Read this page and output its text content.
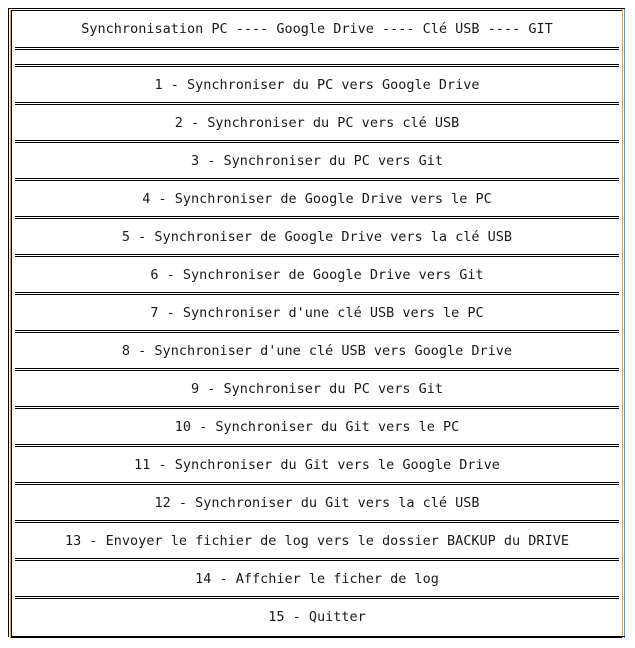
Synchronisation PC ---- Google Drive ---- Clé USB ---- GIT
1 - Synchroniser du PC vers Google Drive
2 - Synchroniser du PC vers clé USB
3 - Synchroniser du PC vers Git
4 - Synchroniser de Google Drive vers le PC
5 - Synchroniser de Google Drive vers la clé USB
6 - Synchroniser de Google Drive vers Git
7 - Synchroniser d'une clé USB vers le PC
8 - Synchroniser d'une clé USB vers Google Drive
9 - Synchroniser du PC vers Git
10 - Synchroniser du Git vers le PC
11 - Synchroniser du Git vers le Google Drive
12 - Synchroniser du Git vers la clé USB
13 - Envoyer le fichier de log vers le dossier BACKUP du DRIVE
14 - Affchier le ficher de log
15 - Quitter
